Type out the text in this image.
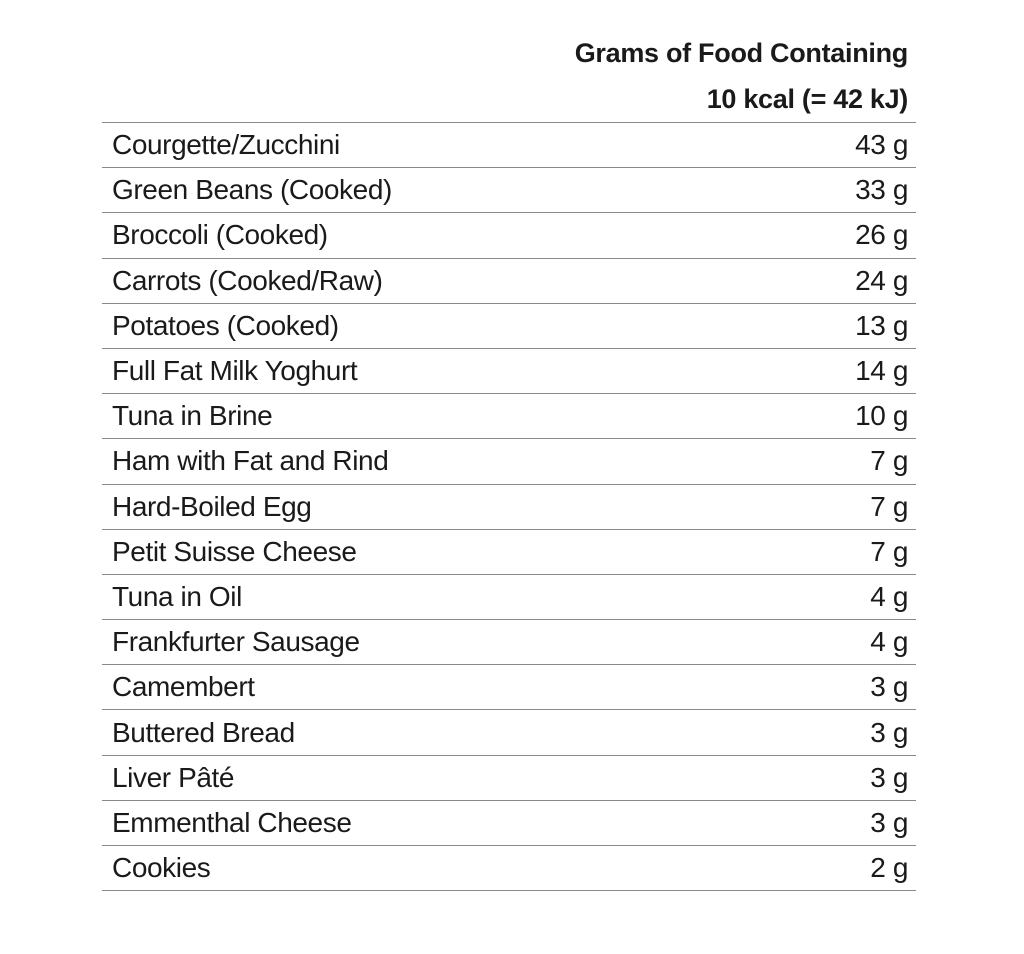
Grams of Food Containing
10 kcal (= 42 kJ)
Courgette/Zucchini	43 g
Green Beans (Cooked)	33 g
Broccoli (Cooked)	26 g
Carrots (Cooked/Raw)	24 g
Potatoes (Cooked)	13 g
Full Fat Milk Yoghurt	14 g
Tuna in Brine	10 g
Ham with Fat and Rind	7 g
Hard-Boiled Egg	7 g
Petit Suisse Cheese	7 g
Tuna in Oil	4 g
Frankfurter Sausage	4 g
Camembert	3 g
Buttered Bread	3 g
Liver Pâté	3 g
Emmenthal Cheese	3 g
Cookies	2 g
